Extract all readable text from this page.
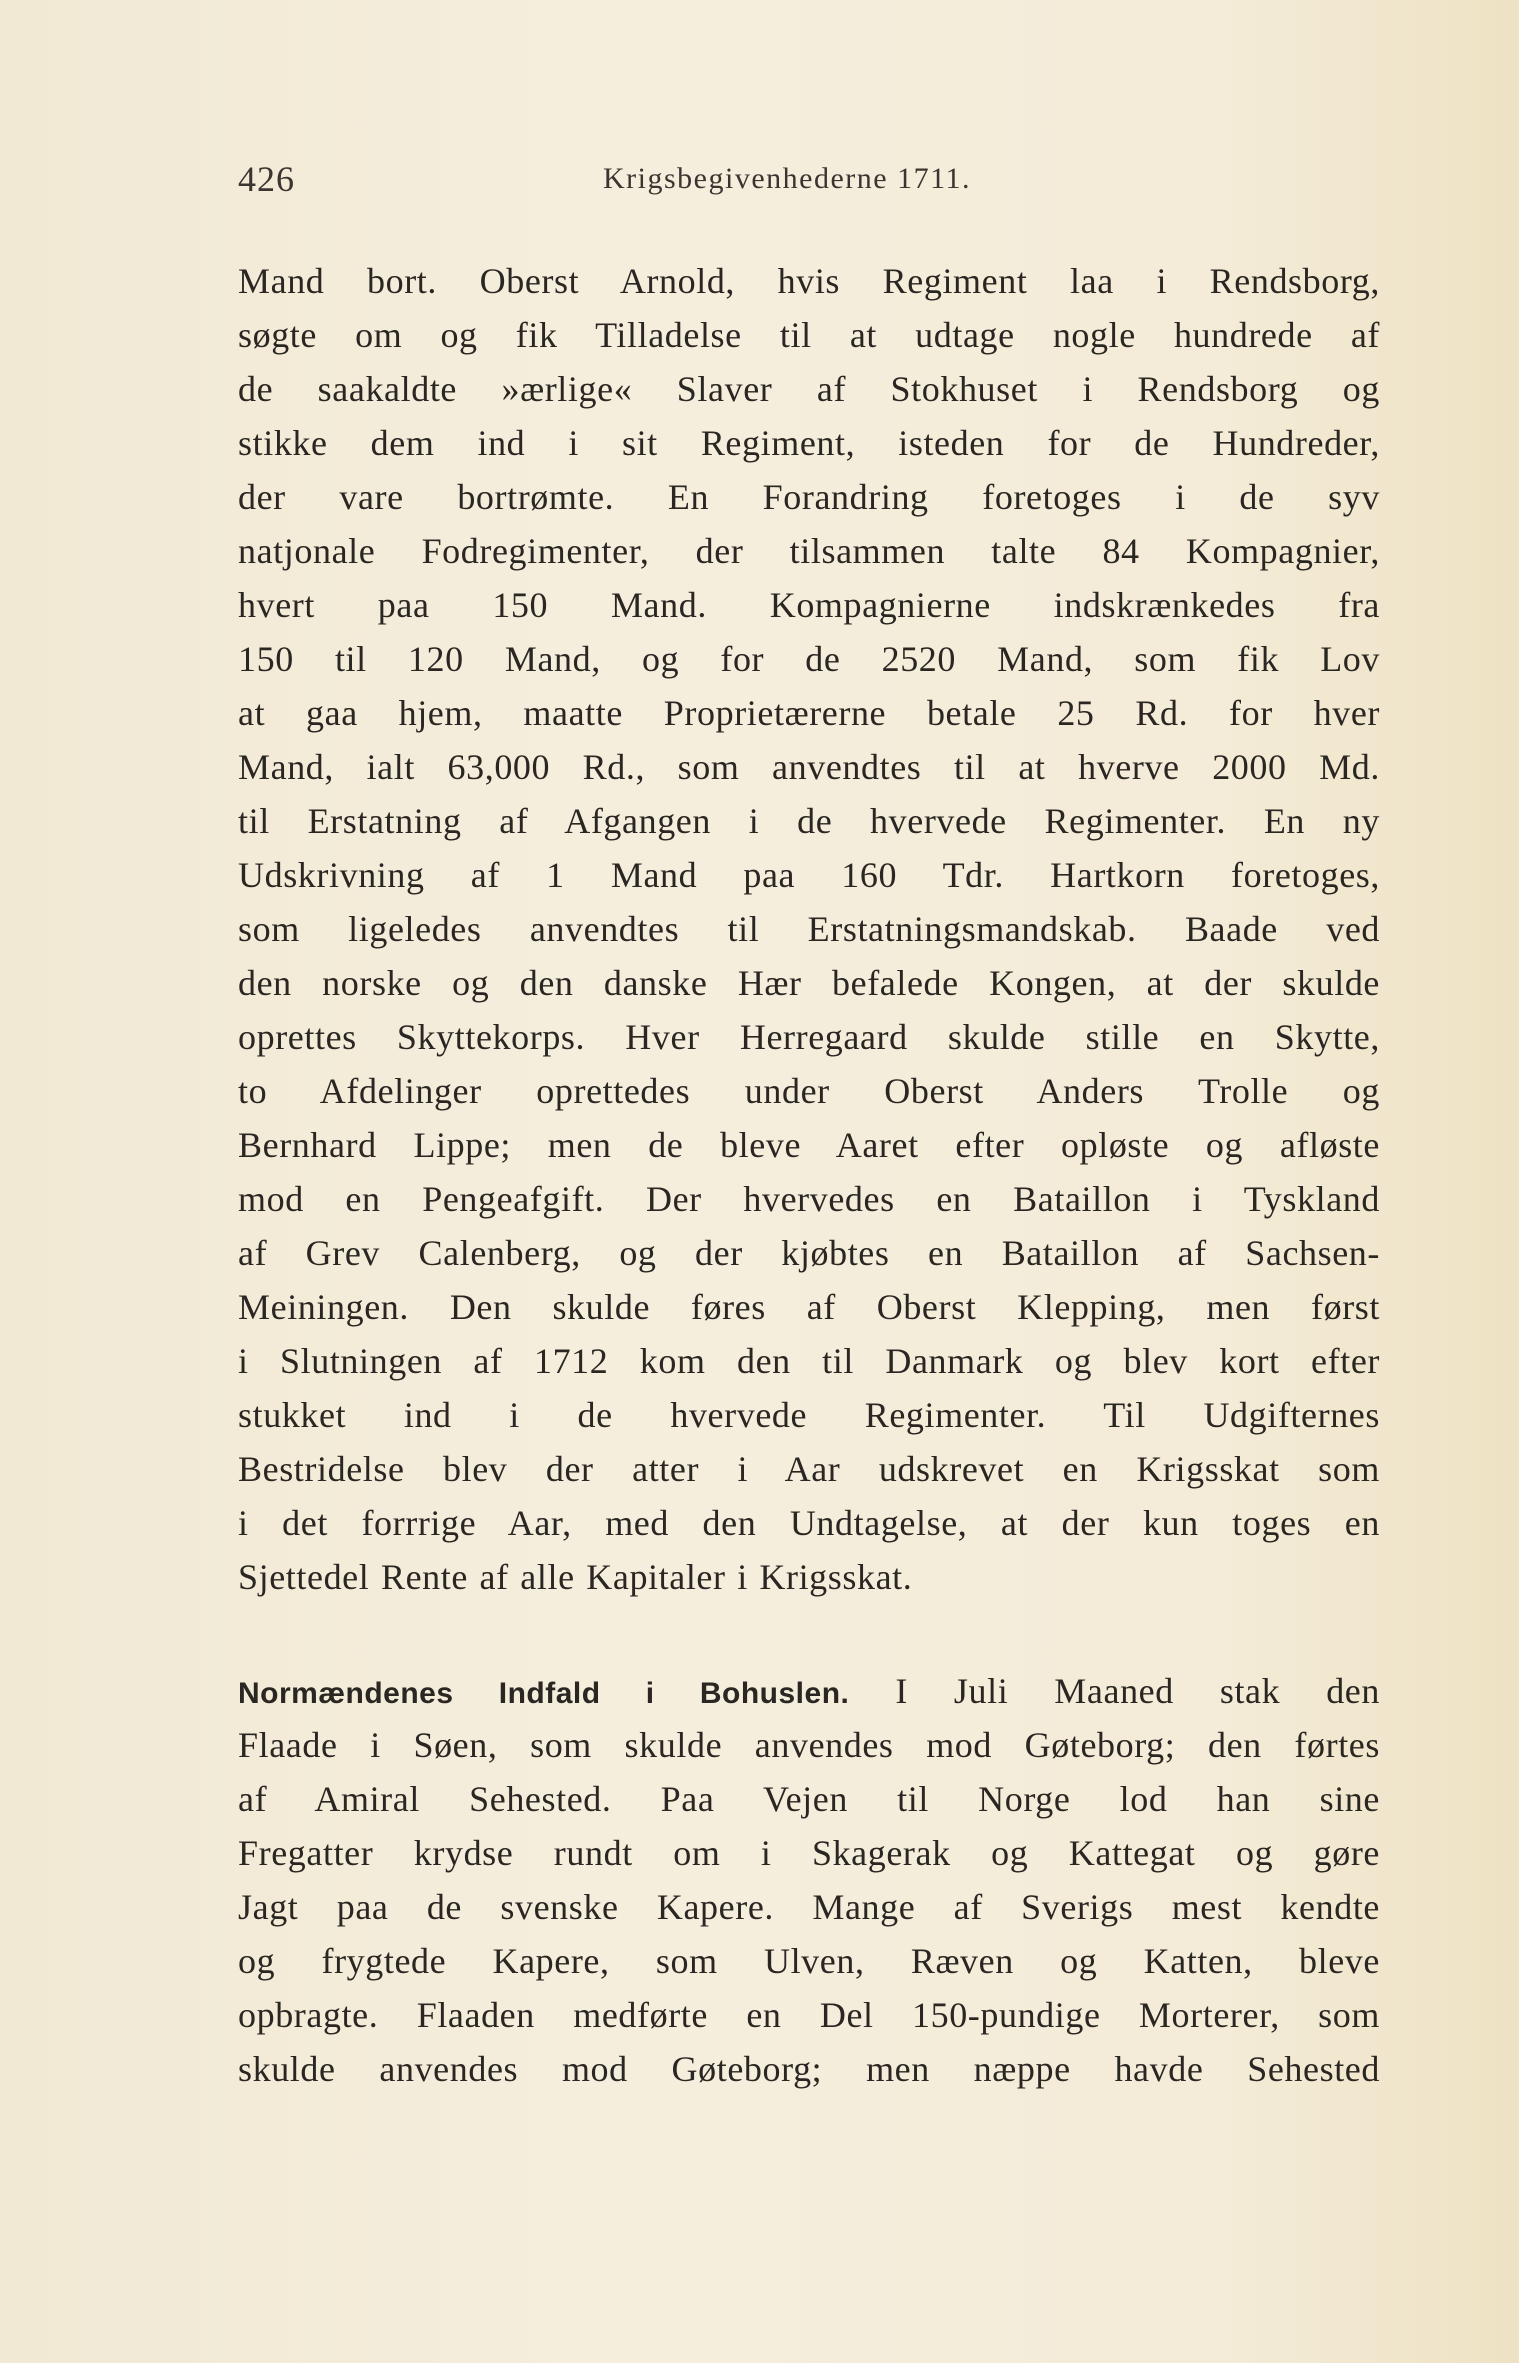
426	Krigsbegivenhederne 1711.
Mand bort. Oberst Arnold, hvis Regiment laa i Rendsborg,
søgte om og fik Tilladelse til at udtage nogle hundrede af
de saakaldte »ærlige« Slaver af Stokhuset i Rendsborg og
stikke dem ind i sit Regiment, isteden for de Hundreder,
der vare bortrømte. En Forandring foretoges i de syv
natjonale Fodregimenter, der tilsammen talte 84 Kompagnier,
hvert paa 150 Mand. Kompagnierne indskrænkedes fra
150 til 120 Mand, og for de 2520 Mand, som fik Lov
at gaa hjem, maatte Proprietærerne betale 25 Rd. for hver
Mand, ialt 63,000 Rd., som anvendtes til at hverve 2000 Md.
til Erstatning af Afgangen i de hvervede Regimenter. En ny
Udskrivning af 1 Mand paa 160 Tdr. Hartkorn foretoges,
som ligeledes anvendtes til Erstatningsmandskab. Baade ved
den norske og den danske Hær befalede Kongen, at der skulde
oprettes Skyttekorps. Hver Herregaard skulde stille en Skytte,
to Afdelinger oprettedes under Oberst Anders Trolle og
Bernhard Lippe; men de bleve Aaret efter opløste og afløste
mod en Pengeafgift. Der hvervedes en Bataillon i Tyskland
af Grev Calenberg, og der kjøbtes en Bataillon af Sachsen-
Meiningen. Den skulde føres af Oberst Klepping, men først
i Slutningen af 1712 kom den til Danmark og blev kort efter
stukket ind i de hvervede Regimenter. Til Udgifternes
Bestridelse blev der atter i Aar udskrevet en Krigsskat som
i det forrrige Aar, med den Undtagelse, at der kun toges en
Sjettedel Rente af alle Kapitaler i Krigsskat.
Normændenes Indfald i Bohuslen. I Juli Maaned stak den
Flaade i Søen, som skulde anvendes mod Gøteborg; den førtes
af Amiral Sehested. Paa Vejen til Norge lod han sine
Fregatter krydse rundt om i Skagerak og Kattegat og gøre
Jagt paa de svenske Kapere. Mange af Sverigs mest kendte
og frygtede Kapere, som Ulven, Ræven og Katten, bleve
opbragte. Flaaden medførte en Del 150-pundige Morterer, som
skulde anvendes mod Gøteborg; men næppe havde Sehested
